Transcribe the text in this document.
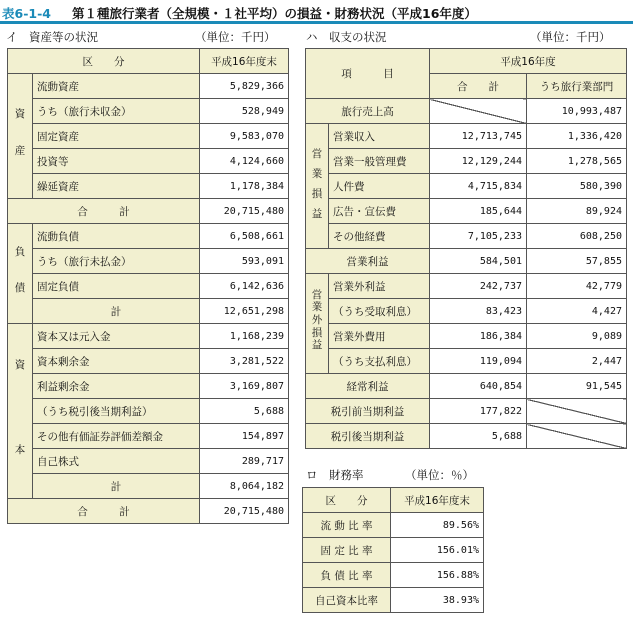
表6-1-4 第１種旅行業者（全規模・１社平均）の損益・財務状況（平成16年度）
イ　資産等の状況	（単位：千円）
区　　分		平成16年度末
資

産	流動資産	5,829,366
	うち（旅行未収金）	528,949
	固定資産	9,583,070
	投資等	4,124,660
	繰延資産	1,178,384
合　　　計		20,715,480
負

債	流動負債	6,508,661
	うち（旅行未払金）	593,091
	固定負債	6,142,636
	計	12,651,298
資

本	資本又は元入金	1,168,239
	資本剰余金	3,281,522
	利益剰余金	3,169,807
	（うち税引後当期利益）	5,688
	その他有価証券評価差額金	154,897
	自己株式	289,717
	計	8,064,182
合　　　計		20,715,480
ハ　収支の状況	（単位：千円）
項　　　目		平成16年度	
		合　　計	うち旅行業部門
旅行売上高			10,993,487
営
業
損
益	営業収入	12,713,745	1,336,420
	営業一般管理費	12,129,244	1,278,565
	人件費	4,715,834	580,390
	広告・宣伝費	185,644	89,924
	その他経費	7,105,233	608,250
営業利益		584,501	57,855
営
業
外
損
益	営業外利益	242,737	42,779
	（うち受取利息）	83,423	4,427
	営業外費用	186,384	9,089
	（うち支払利息）	119,094	2,447
経常利益		640,854	91,545
税引前当期利益		177,822	
税引後当期利益		5,688	
ロ　財務率	（単位：％）
区　　分	平成16年度末
流 動 比 率	89.56%
固 定 比 率	156.01%
負 債 比 率	156.88%
自己資本比率	38.93%
